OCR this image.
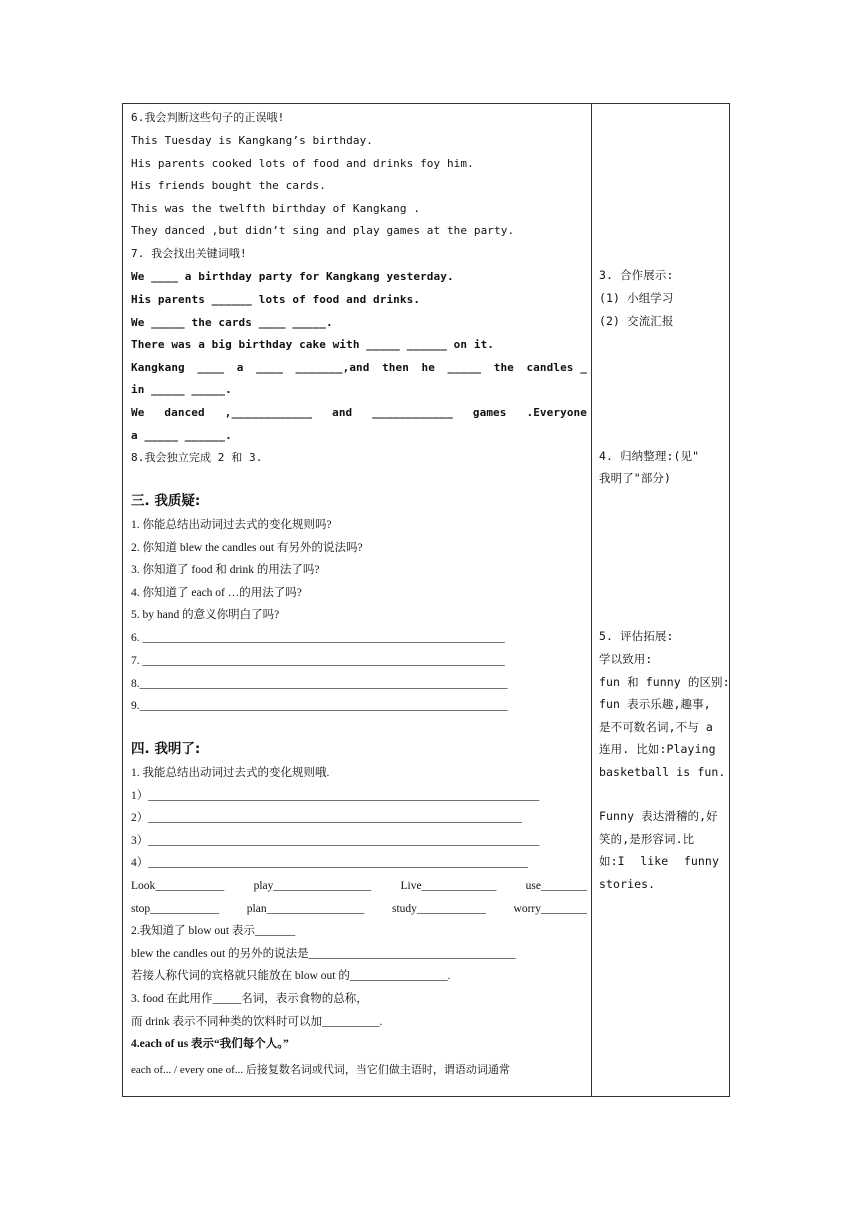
6.我会判断这些句子的正误哦!
This Tuesday is Kangkang’s birthday.
His parents cooked lots of food and drinks foy him.
His friends bought the cards.
This was the twelfth birthday of Kangkang .
They danced ,but didn’t sing and play games at the party.
7. 我会找出关键词哦!
We ____ a birthday party for Kangkang yesterday.
His parents ______ lots of food and drinks.
We _____ the cards ____ _____.
There was a big birthday cake with _____ ______ on it.
Kangkang ____ a ____ _______,and then he _____ the candles _
in _____ _____.
We danced ,____________ and ____________ games .Everyone
a _____ ______.
8.我会独立完成 2 和 3.
三. 我质疑:
1. 你能总结出动词过去式的变化规则吗?
2. 你知道 blew the candles out 有另外的说法吗?
3. 你知道了 food 和 drink 的用法了吗?
4. 你知道了 each of …的用法了吗?
5. by hand 的意义你明白了吗?
6. _______________________________________________________________
7. _______________________________________________________________
8.________________________________________________________________
9.________________________________________________________________
四. 我明了:
1. 我能总结出动词过去式的变化规则哦.
1）____________________________________________________________________
2）_________________________________________________________________
3）____________________________________________________________________
4）__________________________________________________________________
Look____________	play_________________	Live_____________	use________
stop____________ plan_________________ study____________ worry________
2.我知道了 blow out 表示_______
blew the candles out 的另外的说法是____________________________________
若接人称代词的宾格就只能放在 blow out 的_________________.
3. food 在此用作_____名词，表示食物的总称，
而 drink 表示不同种类的饮料时可以加__________.
4.each of us 表示“我们每个人。”
each of... / every one of... 后接复数名词或代词，当它们做主语时，谓语动词通常
3. 合作展示:
(1) 小组学习
(2) 交流汇报
4. 归纳整理:(见"
我明了"部分)
5. 评估拓展:
学以致用:
fun 和 funny 的区别:
fun 表示乐趣,趣事,
是不可数名词,不与 a
连用. 比如:Playing
basketball is fun.
Funny 表达滑稽的,好
笑的,是形容词.比
如:I like funny
stories.
